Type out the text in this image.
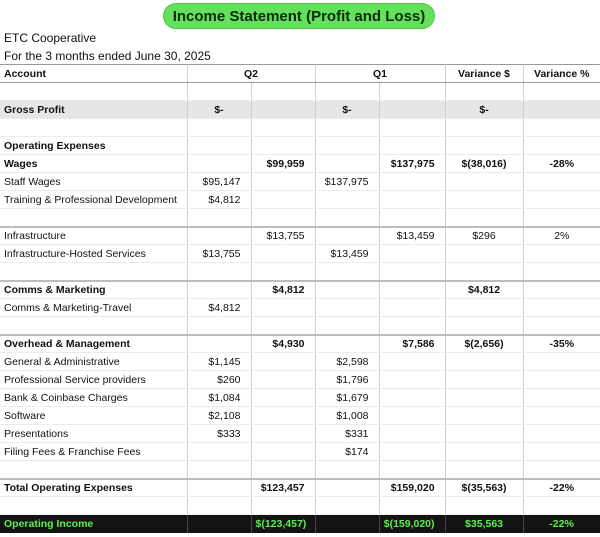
Income Statement (Profit and Loss)
ETC Cooperative
For the 3 months ended June 30, 2025
Account	Q2		Q1		Variance $	Variance %

Gross Profit	$-		$-		$-	

Operating Expenses						
Wages		$99,959		$137,975	$(38,016)	-28%
Staff Wages	$95,147		$137,975			
Training & Professional Development	$4,812					

Infrastructure		$13,755		$13,459	$296	2%
Infrastructure-Hosted Services	$13,755		$13,459			

Comms & Marketing		$4,812			$4,812	
Comms & Marketing-Travel	$4,812					

Overhead & Management		$4,930		$7,586	$(2,656)	-35%
General & Administrative	$1,145		$2,598			
Professional Service providers	$260		$1,796			
Bank & Coinbase Charges	$1,084		$1,679			
Software	$2,108		$1,008			
Presentations	$333		$331			
Filing Fees & Franchise Fees			$174			

Total Operating Expenses		$123,457		$159,020	$(35,563)	-22%

Operating Income		$(123,457)		$(159,020)	$35,563	-22%
